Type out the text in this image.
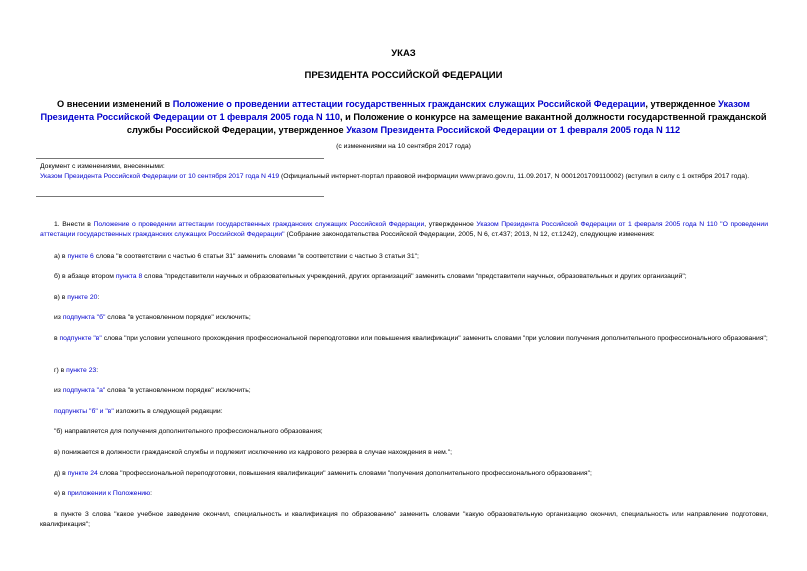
УКАЗ
ПРЕЗИДЕНТА РОССИЙСКОЙ ФЕДЕРАЦИИ
О внесении изменений в Положение о проведении аттестации государственных гражданских служащих Российской Федерации, утвержденное Указом Президента Российской Федерации от 1 февраля 2005 года N 110, и Положение о конкурсе на замещение вакантной должности государственной гражданской службы Российской Федерации, утвержденное Указом Президента Российской Федерации от 1 февраля 2005 года N 112
(с изменениями на 10 сентября 2017 года)
Документ с изменениями, внесенными:
Указом Президента Российской Федерации от 10 сентября 2017 года N 419 (Официальный интернет-портал правовой информации www.pravo.gov.ru, 11.09.2017, N 0001201709110002) (вступил в силу с 1 октября 2017 года).
1. Внести в Положение о проведении аттестации государственных гражданских служащих Российской Федерации, утвержденное Указом Президента Российской Федерации от 1 февраля 2005 года N 110 "О проведении аттестации государственных гражданских служащих Российской Федерации" (Собрание законодательства Российской Федерации, 2005, N 6, ст.437; 2013, N 12, ст.1242), следующие изменения:
а) в пункте 6 слова "в соответствии с частью 6 статьи 31" заменить словами "в соответствии с частью 3 статьи 31";
б) в абзаце втором пункта 8 слова "представители научных и образовательных учреждений, других организаций" заменить словами "представители научных, образовательных и других организаций";
в) в пункте 20:
из подпункта "б" слова "в установленном порядке" исключить;
в подпункте "в" слова "при условии успешного прохождения профессиональной переподготовки или повышения квалификации" заменить словами "при условии получения дополнительного профессионального образования";
г) в пункте 23:
из подпункта "а" слова "в установленном порядке" исключить;
подпункты "б" и "в" изложить в следующей редакции:
"б) направляется для получения дополнительного профессионального образования;
в) понижается в должности гражданской службы и подлежит исключению из кадрового резерва в случае нахождения в нем.";
д) в пункте 24 слова "профессиональной переподготовки, повышения квалификации" заменить словами "получения дополнительного профессионального образования";
е) в приложении к Положению:
в пункте 3 слова "какое учебное заведение окончил, специальность и квалификация по образованию" заменить словами "какую образовательную организацию окончил, специальность или направление подготовки, квалификация";
